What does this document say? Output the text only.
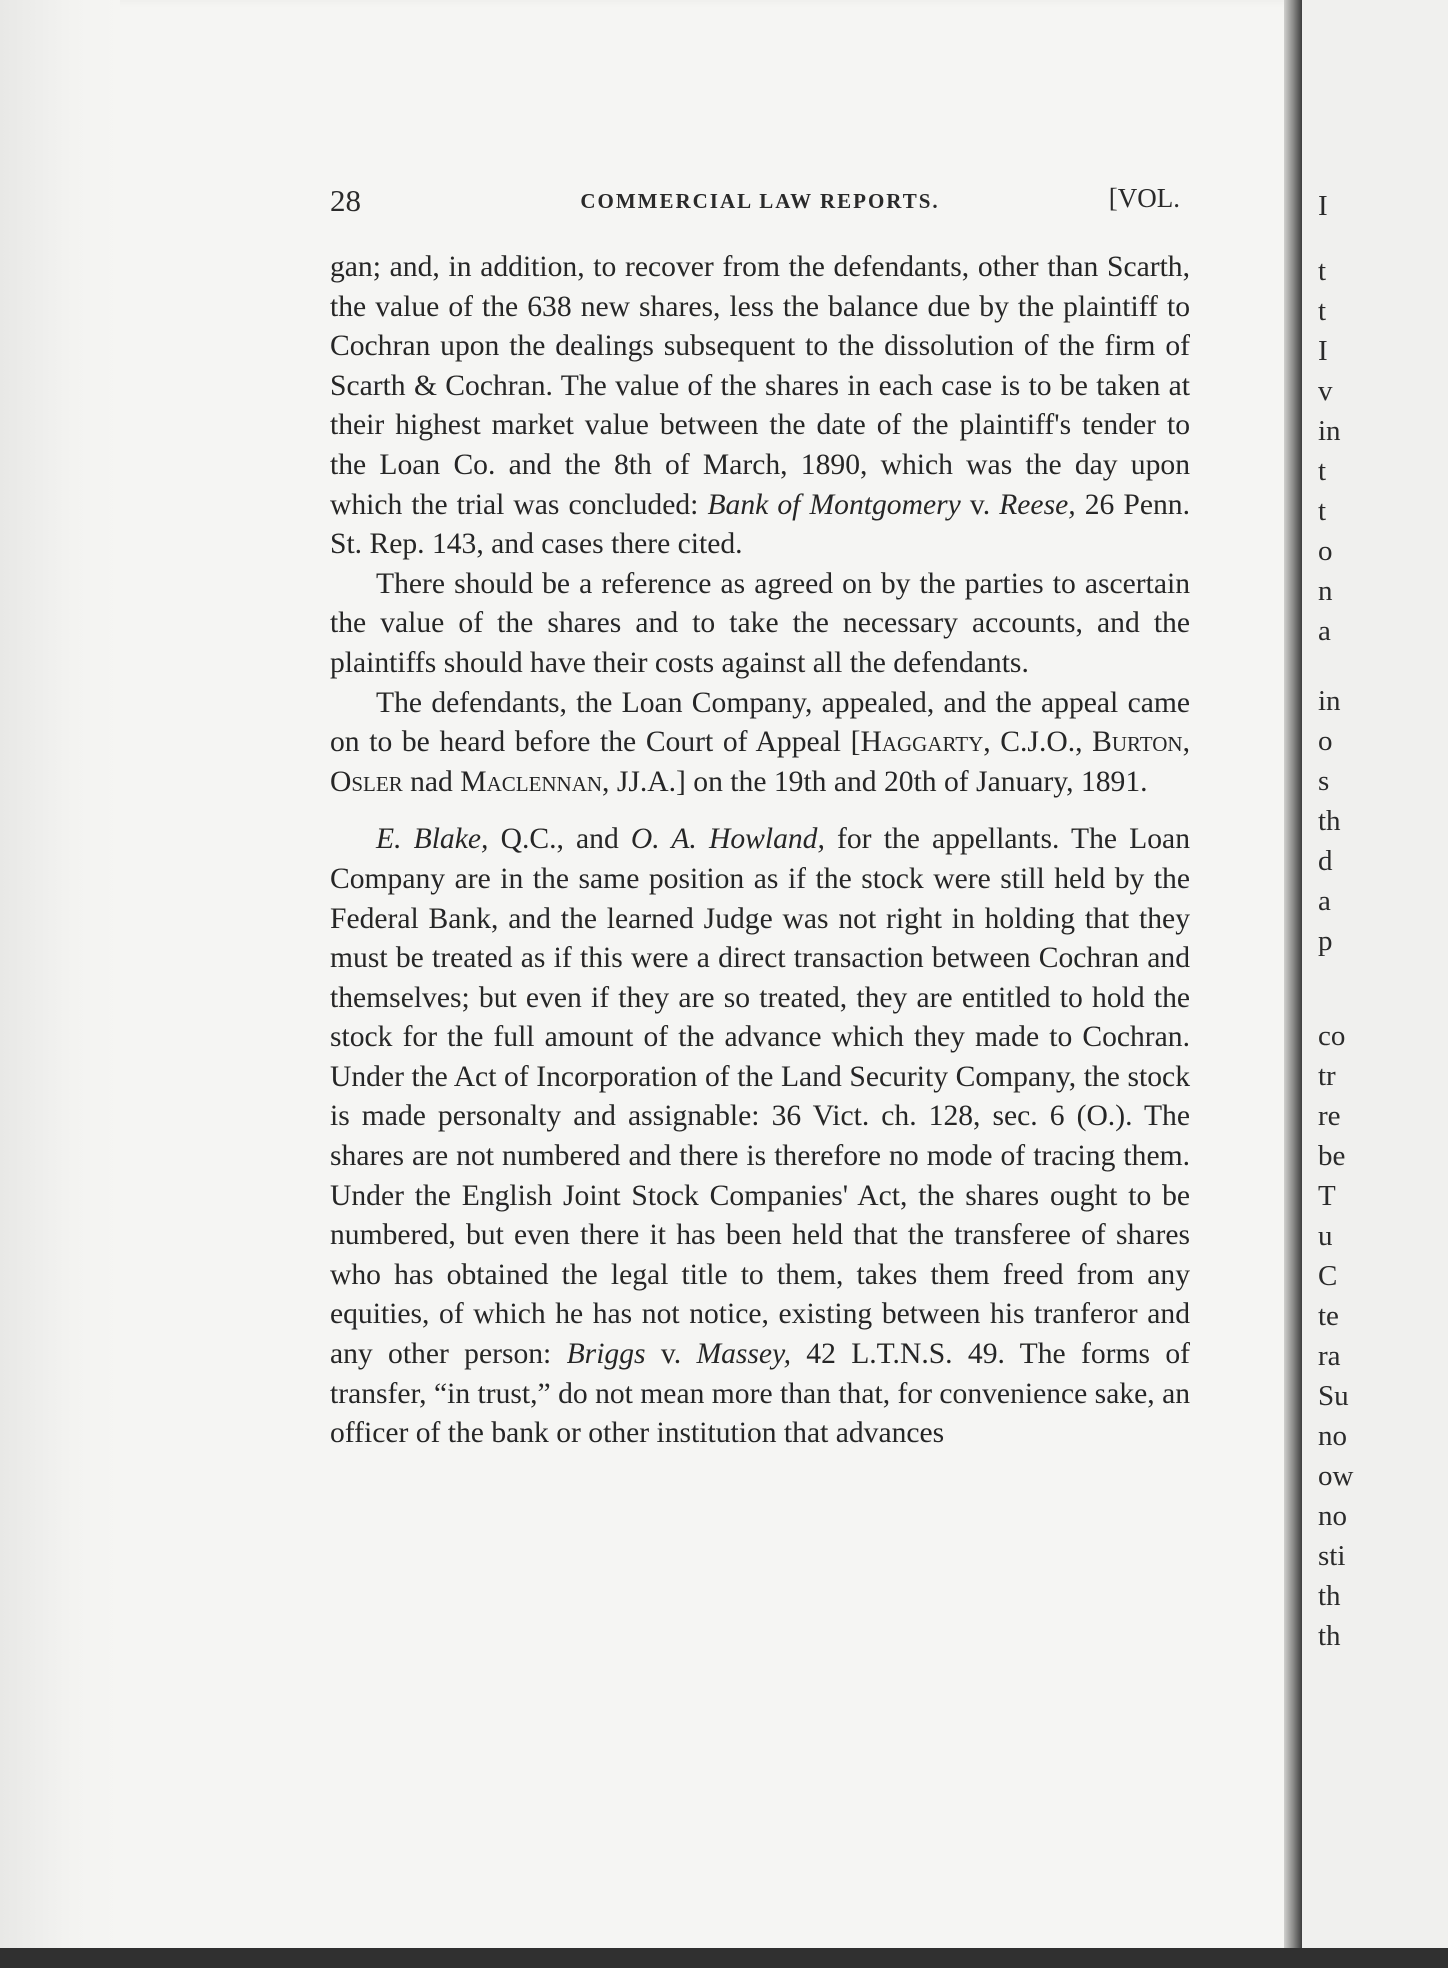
28	COMMERCIAL LAW REPORTS.	[VOL.

gan; and, in addition, to recover from the defendants, other than Scarth, the value of the 638 new shares, less the balance due by the plaintiff to Cochran upon the dealings subsequent to the dissolution of the firm of Scarth & Cochran. The value of the shares in each case is to be taken at their highest market value between the date of the plaintiff's tender to the Loan Co. and the 8th of March, 1890, which was the day upon which the trial was concluded: Bank of Montgomery v. Reese, 26 Penn. St. Rep. 143, and cases there cited.

There should be a reference as agreed on by the parties to ascertain the value of the shares and to take the necessary accounts, and the plaintiffs should have their costs against all the defendants.

The defendants, the Loan Company, appealed, and the appeal came on to be heard before the Court of Appeal [Haggarty, C.J.O., Burton, Osler nad Maclennan, JJ.A.] on the 19th and 20th of January, 1891.

E. Blake, Q.C., and O. A. Howland, for the appellants. The Loan Company are in the same position as if the stock were still held by the Federal Bank, and the learned Judge was not right in holding that they must be treated as if this were a direct transaction between Cochran and themselves; but even if they are so treated, they are entitled to hold the stock for the full amount of the advance which they made to Cochran. Under the Act of Incorporation of the Land Security Company, the stock is made personalty and assignable: 36 Vict. ch. 128, sec. 6 (O.). The shares are not numbered and there is therefore no mode of tracing them. Under the English Joint Stock Companies' Act, the shares ought to be numbered, but even there it has been held that the transferee of shares who has obtained the legal title to them, takes them freed from any equities, of which he has not notice, existing between his tranferor and any other person: Briggs v. Massey, 42 L.T.N.S. 49. The forms of transfer, “in trust,” do not mean more than that, for convenience sake, an officer of the bank or other institution that advances

I
t
t
I
v
in
t
t
o
n
a
in
o
s
th
d
a
p
co
tr
re
be
T
u
C
te
ra
Su
no
ow
no
sti
th
th
